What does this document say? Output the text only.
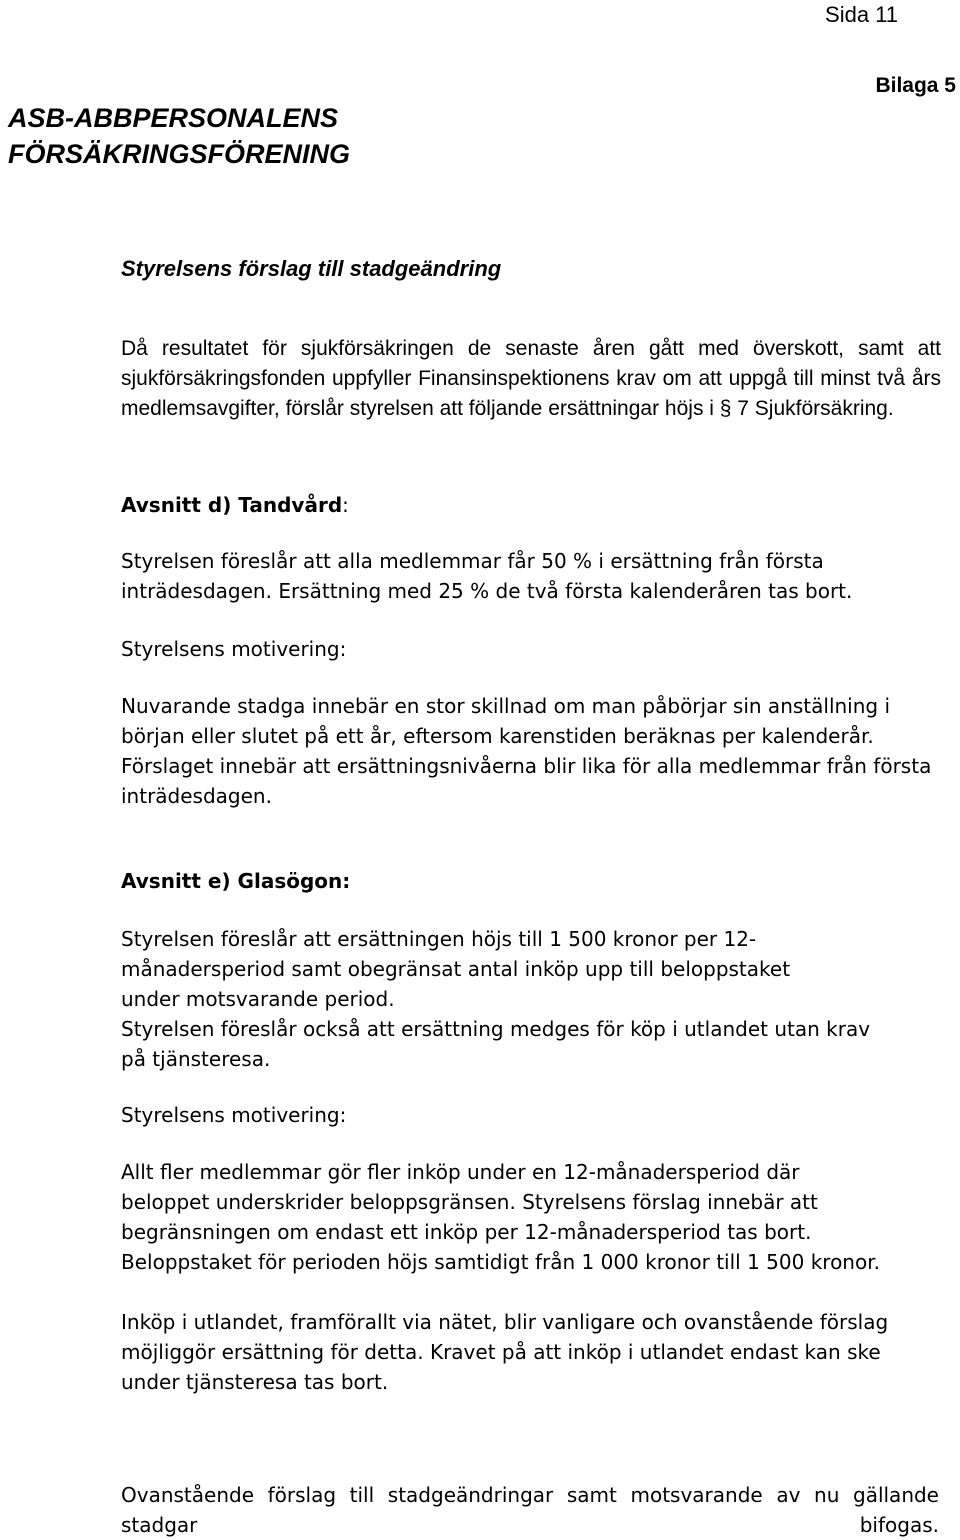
Sida 11
Bilaga 5
ASB-ABBPERSONALENS
FÖRSÄKRINGSFÖRENING
Styrelsens förslag till stadgeändring

Då resultatet för sjukförsäkringen de senaste åren gått med överskott, samt att sjukförsäkringsfonden uppfyller Finansinspektionens krav om att uppgå till minst två års medlemsavgifter, förslår styrelsen att följande ersättningar höjs i § 7 Sjukförsäkring.

Avsnitt d) Tandvård:

Styrelsen föreslår att alla medlemmar får 50 % i ersättning från första inträdesdagen. Ersättning med 25 % de två första kalenderåren tas bort.

Styrelsens motivering:

Nuvarande stadga innebär en stor skillnad om man påbörjar sin anställning i början eller slutet på ett år, eftersom karenstiden beräknas per kalenderår. Förslaget innebär att ersättningsnivåerna blir lika för alla medlemmar från första inträdesdagen.

Avsnitt e) Glasögon:

Styrelsen föreslår att ersättningen höjs till 1 500 kronor per 12-månadersperiod samt obegränsat antal inköp upp till beloppstaket under motsvarande period.

Styrelsen föreslår också att ersättning medges för köp i utlandet utan krav på tjänsteresa.

Styrelsens motivering:

Allt fler medlemmar gör fler inköp under en 12-månadersperiod där beloppet underskrider beloppsgränsen. Styrelsens förslag innebär att begränsningen om endast ett inköp per 12-månadersperiod tas bort.

Beloppstaket för perioden höjs samtidigt från 1 000 kronor till 1 500 kronor.

Inköp i utlandet, framförallt via nätet, blir vanligare och ovanstående förslag möjliggör ersättning för detta. Kravet på att inköp i utlandet endast kan ske under tjänsteresa tas bort.

Ovanstående förslag till stadgeändringar samt motsvarande av nu gällande stadgar bifogas.
